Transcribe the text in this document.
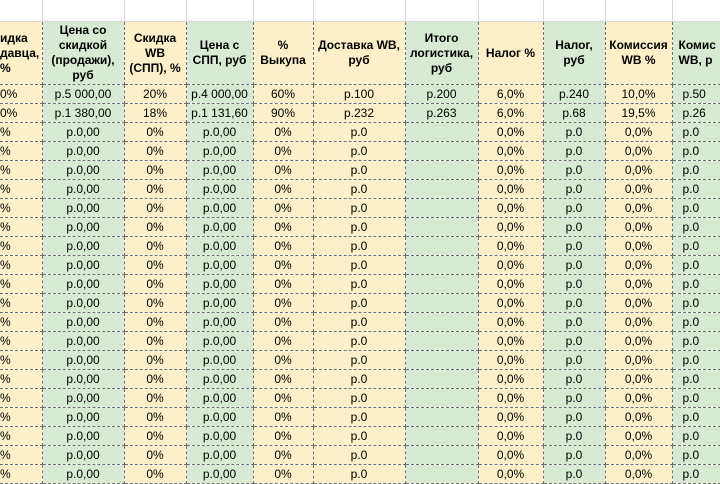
идка
давца,
%	Цена со скидкой (продажи), руб	Скидка WB (СПП), %	Цена с СПП, руб	% Выкупа	Доставка WB, руб	Итого логистика, руб	Налог %	Налог, руб	Комиссия WB %	Комис WB, р
0%	р.5 000,00	20%	р.4 000,00	60%	р.100	р.200	6,0%	р.240	10,0%	р.50
0%	р.1 380,00	18%	р.1 131,60	90%	р.232	р.263	6,0%	р.68	19,5%	р.26
%	р.0,00	0%	р.0,00	0%	р.0		0,0%	р.0	0,0%	р.0
%	р.0,00	0%	р.0,00	0%	р.0		0,0%	р.0	0,0%	р.0
%	р.0,00	0%	р.0,00	0%	р.0		0,0%	р.0	0,0%	р.0
%	р.0,00	0%	р.0,00	0%	р.0		0,0%	р.0	0,0%	р.0
%	р.0,00	0%	р.0,00	0%	р.0		0,0%	р.0	0,0%	р.0
%	р.0,00	0%	р.0,00	0%	р.0		0,0%	р.0	0,0%	р.0
%	р.0,00	0%	р.0,00	0%	р.0		0,0%	р.0	0,0%	р.0
%	р.0,00	0%	р.0,00	0%	р.0		0,0%	р.0	0,0%	р.0
%	р.0,00	0%	р.0,00	0%	р.0		0,0%	р.0	0,0%	р.0
%	р.0,00	0%	р.0,00	0%	р.0		0,0%	р.0	0,0%	р.0
%	р.0,00	0%	р.0,00	0%	р.0		0,0%	р.0	0,0%	р.0
%	р.0,00	0%	р.0,00	0%	р.0		0,0%	р.0	0,0%	р.0
%	р.0,00	0%	р.0,00	0%	р.0		0,0%	р.0	0,0%	р.0
%	р.0,00	0%	р.0,00	0%	р.0		0,0%	р.0	0,0%	р.0
%	р.0,00	0%	р.0,00	0%	р.0		0,0%	р.0	0,0%	р.0
%	р.0,00	0%	р.0,00	0%	р.0		0,0%	р.0	0,0%	р.0
%	р.0,00	0%	р.0,00	0%	р.0		0,0%	р.0	0,0%	р.0
%	р.0,00	0%	р.0,00	0%	р.0		0,0%	р.0	0,0%	р.0
%	р.0,00	0%	р.0,00	0%	р.0		0,0%	р.0	0,0%	р.0
